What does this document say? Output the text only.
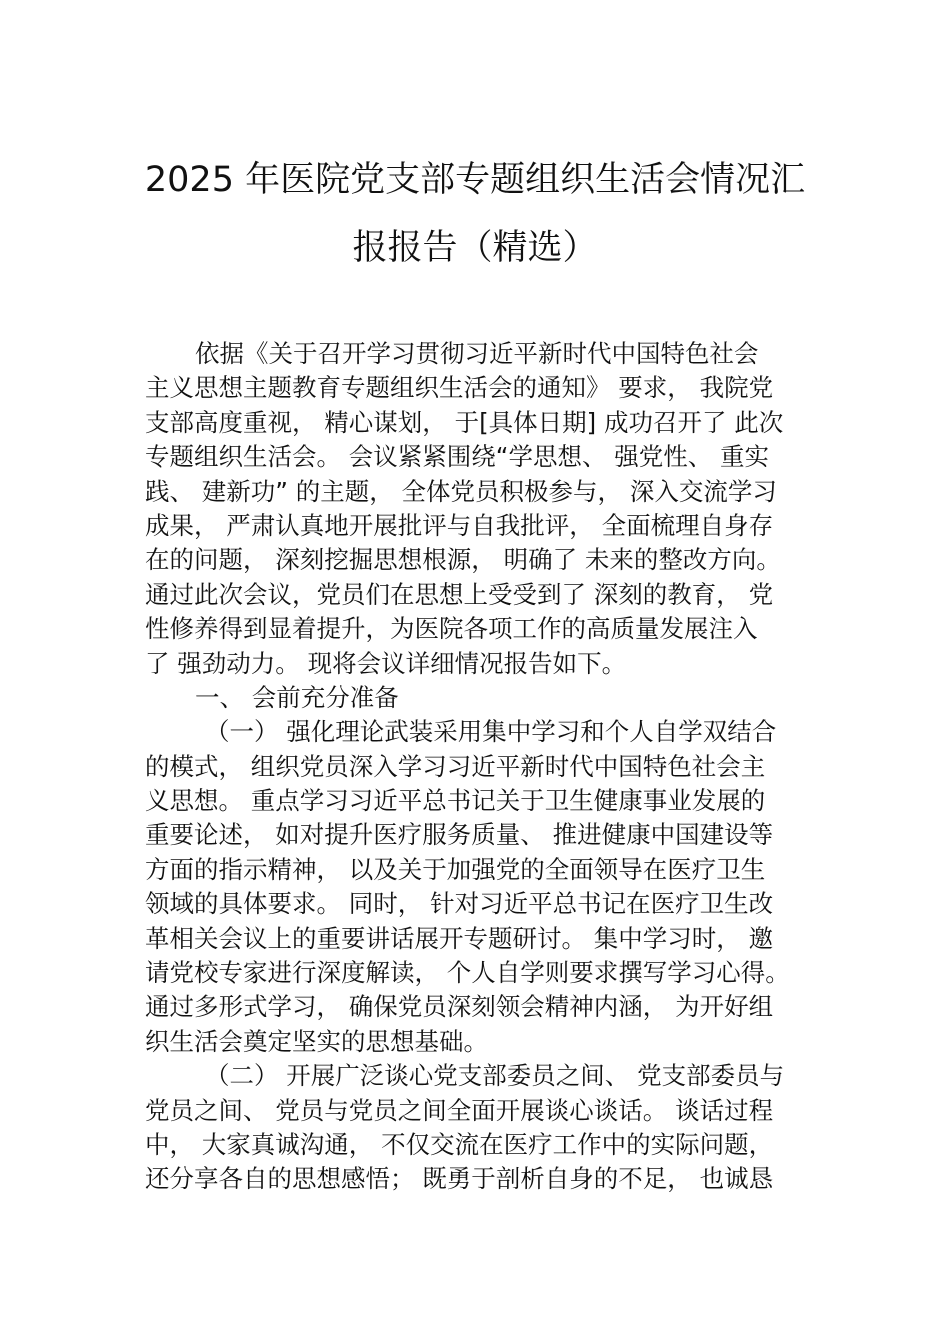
2025 年医院党支部专题组织生活会情况汇
报报告（精选）
依据《关于召开学习贯彻习近平新时代中国特色社会
主义思想主题教育专题组织生活会的通知》 要求， 我院党
支部高度重视， 精心谋划， 于[具体日期] 成功召开了 此次
专题组织生活会。 会议紧紧围绕“学思想、 强党性、 重实
践、 建新功” 的主题， 全体党员积极参与， 深入交流学习
成果， 严肃认真地开展批评与自我批评， 全面梳理自身存
在的问题， 深刻挖掘思想根源， 明确了 未来的整改方向。
通过此次会议，党员们在思想上受受到了 深刻的教育， 党
性修养得到显着提升，为医院各项工作的高质量发展注入
了 强劲动力。 现将会议详细情况报告如下。
一、 会前充分准备
（一） 强化理论武装采用集中学习和个人自学双结合
的模式， 组织党员深入学习习近平新时代中国特色社会主
义思想。 重点学习习近平总书记关于卫生健康事业发展的
重要论述， 如对提升医疗服务质量、 推进健康中国建设等
方面的指示精神， 以及关于加强党的全面领导在医疗卫生
领域的具体要求。 同时， 针对习近平总书记在医疗卫生改
革相关会议上的重要讲话展开专题研讨。 集中学习时， 邀
请党校专家进行深度解读， 个人自学则要求撰写学习心得。
通过多形式学习， 确保党员深刻领会精神内涵， 为开好组
织生活会奠定坚实的思想基础。
（二） 开展广泛谈心党支部委员之间、 党支部委员与
党员之间、 党员与党员之间全面开展谈心谈话。 谈话过程
中， 大家真诚沟通， 不仅交流在医疗工作中的实际问题，
还分享各自的思想感悟； 既勇于剖析自身的不足， 也诚恳
